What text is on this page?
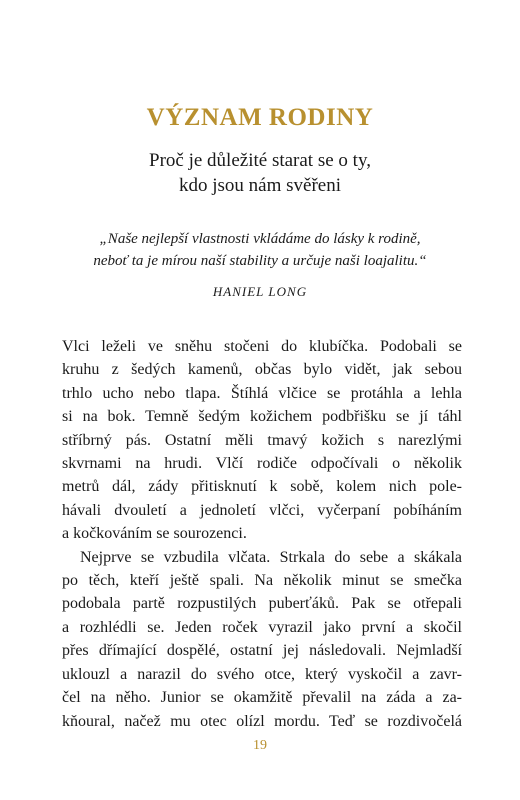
VÝZNAM RODINY
Proč je důležité starat se o ty,
kdo jsou nám svěřeni
„Naše nejlepší vlastnosti vkládáme do lásky k rodině,
neboť ta je mírou naší stability a určuje naši loajalitu.“
HANIEL LONG

Vlci leželi ve sněhu stočeni do klubíčka. Podobali se
kruhu z šedých kamenů, občas bylo vidět, jak sebou
trhlo ucho nebo tlapa. Štíhlá vlčice se protáhla a lehla
si na bok. Temně šedým kožichem podbřišku se jí táhl
stříbrný pás. Ostatní měli tmavý kožich s narezlými
skvrnami na hrudi. Vlčí rodiče odpočívali o několik
metrů dál, zády přitisknutí k sobě, kolem nich pole-
hávali dvouletí a jednoletí vlčci, vyčerpaní pobíháním
a kočkováním se sourozenci.

Nejprve se vzbudila vlčata. Strkala do sebe a skákala
po těch, kteří ještě spali. Na několik minut se smečka
podobala partě rozpustilých puberťáků. Pak se otřepali
a rozhlédli se. Jeden roček vyrazil jako první a skočil
přes dřímající dospělé, ostatní jej následovali. Nejmladší
uklouzl a narazil do svého otce, který vyskočil a zavr-
čel na něho. Junior se okamžitě převalil na záda a za-
kňoural, načež mu otec olízl mordu. Teď se rozdivočelá

19
